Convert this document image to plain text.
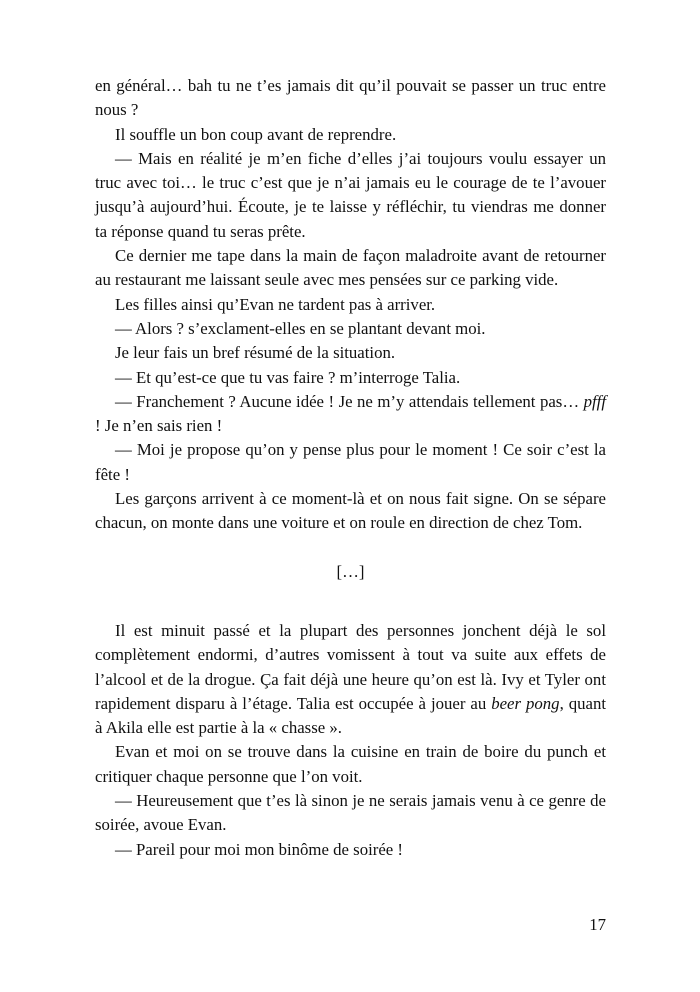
en général… bah tu ne t’es jamais dit qu’il pouvait se passer un truc entre nous ?

Il souffle un bon coup avant de reprendre.

— Mais en réalité je m’en fiche d’elles j’ai toujours voulu essayer un truc avec toi… le truc c’est que je n’ai jamais eu le courage de te l’avouer jusqu’à aujourd’hui. Écoute, je te laisse y réfléchir, tu viendras me donner ta réponse quand tu seras prête.

Ce dernier me tape dans la main de façon maladroite avant de retourner au restaurant me laissant seule avec mes pensées sur ce parking vide.

Les filles ainsi qu’Evan ne tardent pas à arriver.

— Alors ? s’exclament-elles en se plantant devant moi.

Je leur fais un bref résumé de la situation.

— Et qu’est-ce que tu vas faire ? m’interroge Talia.

— Franchement ? Aucune idée ! Je ne m’y attendais tellement pas… pfff ! Je n’en sais rien !

— Moi je propose qu’on y pense plus pour le moment ! Ce soir c’est la fête !

Les garçons arrivent à ce moment-là et on nous fait signe. On se sépare chacun, on monte dans une voiture et on roule en direction de chez Tom.

[…]

Il est minuit passé et la plupart des personnes jonchent déjà le sol complètement endormi, d’autres vomissent à tout va suite aux effets de l’alcool et de la drogue. Ça fait déjà une heure qu’on est là. Ivy et Tyler ont rapidement disparu à l’étage. Talia est occupée à jouer au beer pong, quant à Akila elle est partie à la « chasse ».

Evan et moi on se trouve dans la cuisine en train de boire du punch et critiquer chaque personne que l’on voit.

— Heureusement que t’es là sinon je ne serais jamais venu à ce genre de soirée, avoue Evan.

— Pareil pour moi mon binôme de soirée !

17
